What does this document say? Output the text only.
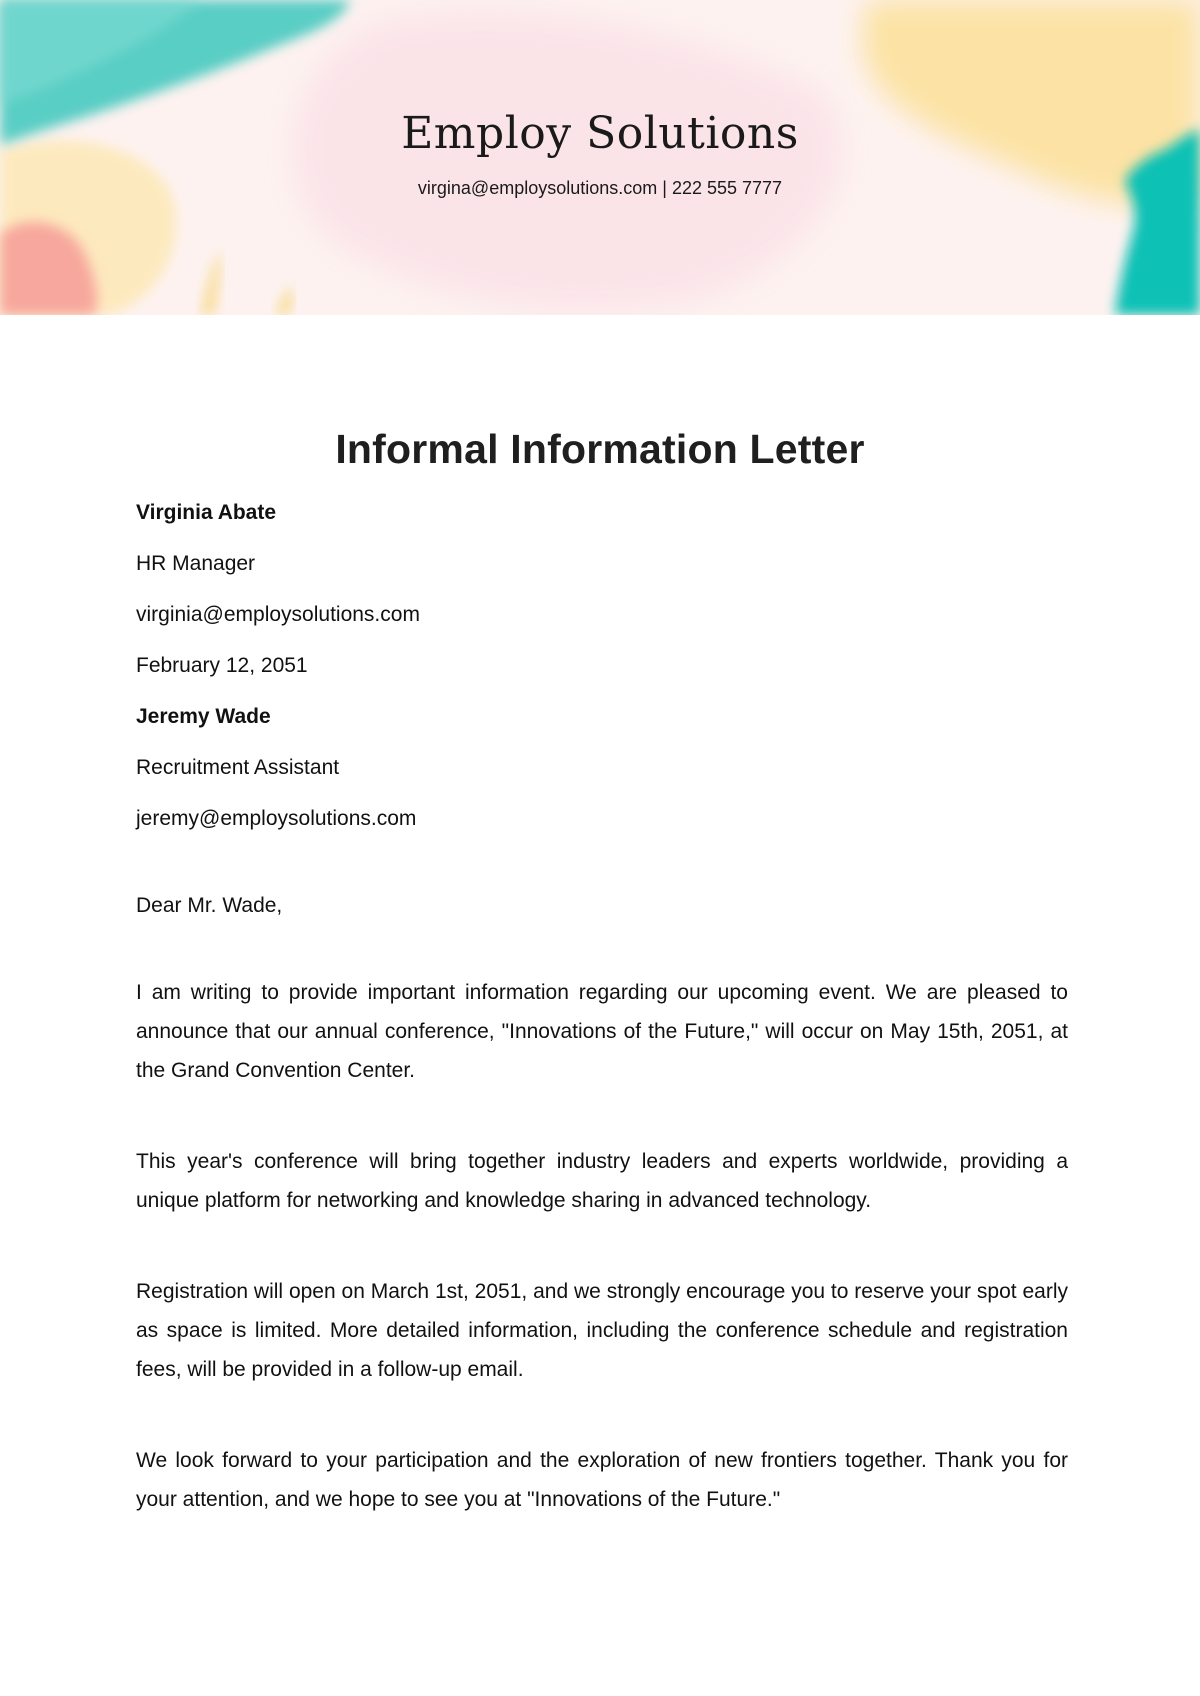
Employ Solutions
virgina@employsolutions.com | 222 555 7777
Informal Information Letter
Virginia Abate
HR Manager
virginia@employsolutions.com
February 12, 2051
Jeremy Wade
Recruitment Assistant
jeremy@employsolutions.com
Dear Mr. Wade,

I am writing to provide important information regarding our upcoming event. We are pleased to announce that our annual conference, "Innovations of the Future," will occur on May 15th, 2051, at the Grand Convention Center.

This year's conference will bring together industry leaders and experts worldwide, providing a unique platform for networking and knowledge sharing in advanced technology.

Registration will open on March 1st, 2051, and we strongly encourage you to reserve your spot early as space is limited. More detailed information, including the conference schedule and registration fees, will be provided in a follow-up email.

We look forward to your participation and the exploration of new frontiers together. Thank you for your attention, and we hope to see you at "Innovations of the Future."
